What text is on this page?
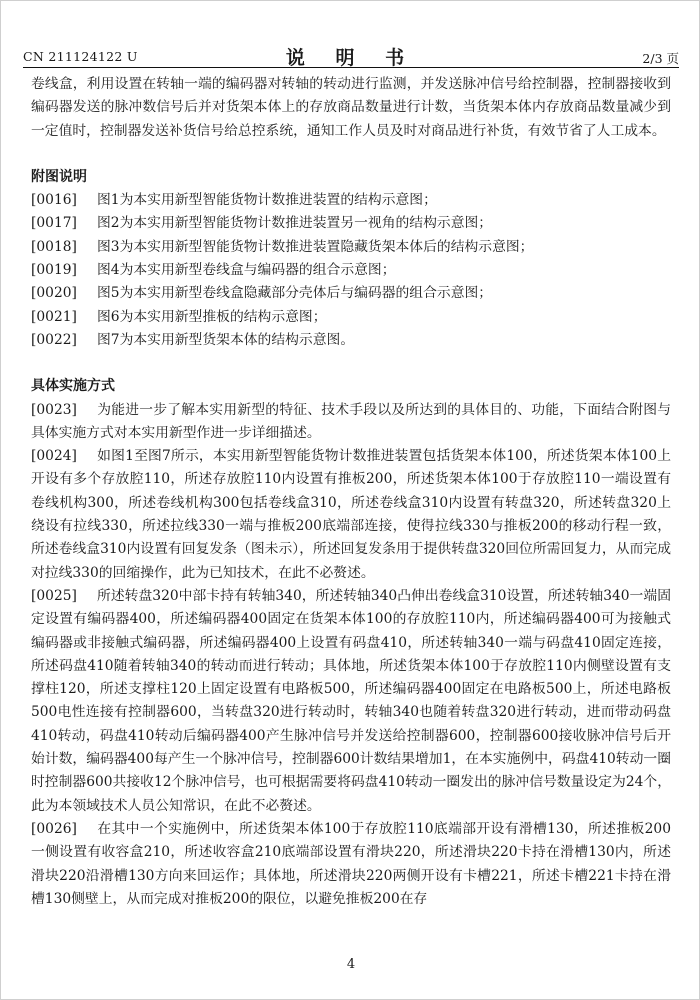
CN 211124122 U	说 明 书	2/3 页

卷线盒，利用设置在转轴一端的编码器对转轴的转动进行监测，并发送脉冲信号给控制器，控制器接收到编码器发送的脉冲数信号后并对货架本体上的存放商品数量进行计数，当货架本体内存放商品数量减少到一定值时，控制器发送补货信号给总控系统，通知工作人员及时对商品进行补货，有效节省了人工成本。

附图说明

[0016]	图1为本实用新型智能货物计数推进装置的结构示意图；
[0017]	图2为本实用新型智能货物计数推进装置另一视角的结构示意图；
[0018]	图3为本实用新型智能货物计数推进装置隐藏货架本体后的结构示意图；
[0019]	图4为本实用新型卷线盒与编码器的组合示意图；
[0020]	图5为本实用新型卷线盒隐藏部分壳体后与编码器的组合示意图；
[0021]	图6为本实用新型推板的结构示意图；
[0022]	图7为本实用新型货架本体的结构示意图。

具体实施方式

[0023] 为能进一步了解本实用新型的特征、技术手段以及所达到的具体目的、功能，下面结合附图与具体实施方式对本实用新型作进一步详细描述。

[0024] 如图1至图7所示，本实用新型智能货物计数推进装置包括货架本体100，所述货架本体100上开设有多个存放腔110，所述存放腔110内设置有推板200，所述货架本体100于存放腔110一端设置有卷线机构300，所述卷线机构300包括卷线盒310，所述卷线盒310内设置有转盘320，所述转盘320上绕设有拉线330，所述拉线330一端与推板200底端部连接，使得拉线330与推板200的移动行程一致，所述卷线盒310内设置有回复发条（图未示），所述回复发条用于提供转盘320回位所需回复力，从而完成对拉线330的回缩操作，此为已知技术，在此不必赘述。

[0025] 所述转盘320中部卡持有转轴340，所述转轴340凸伸出卷线盒310设置，所述转轴340一端固定设置有编码器400，所述编码器400固定在货架本体100的存放腔110内，所述编码器400可为接触式编码器或非接触式编码器，所述编码器400上设置有码盘410，所述转轴340一端与码盘410固定连接，所述码盘410随着转轴340的转动而进行转动；具体地，所述货架本体100于存放腔110内侧壁设置有支撑柱120，所述支撑柱120上固定设置有电路板500，所述编码器400固定在电路板500上，所述电路板500电性连接有控制器600，当转盘320进行转动时，转轴340也随着转盘320进行转动，进而带动码盘410转动，码盘410转动后编码器400产生脉冲信号并发送给控制器600，控制器600接收脉冲信号后开始计数，编码器400每产生一个脉冲信号，控制器600计数结果增加1，在本实施例中，码盘410转动一圈时控制器600共接收12个脉冲信号，也可根据需要将码盘410转动一圈发出的脉冲信号数量设定为24个，此为本领域技术人员公知常识，在此不必赘述。

[0026] 在其中一个实施例中，所述货架本体100于存放腔110底端部开设有滑槽130，所述推板200一侧设置有收容盒210，所述收容盒210底端部设置有滑块220，所述滑块220卡持在滑槽130内，所述滑块220沿滑槽130方向来回运作；具体地，所述滑块220两侧开设有卡槽221，所述卡槽221卡持在滑槽130侧壁上，从而完成对推板200的限位，以避免推板200在存

4
